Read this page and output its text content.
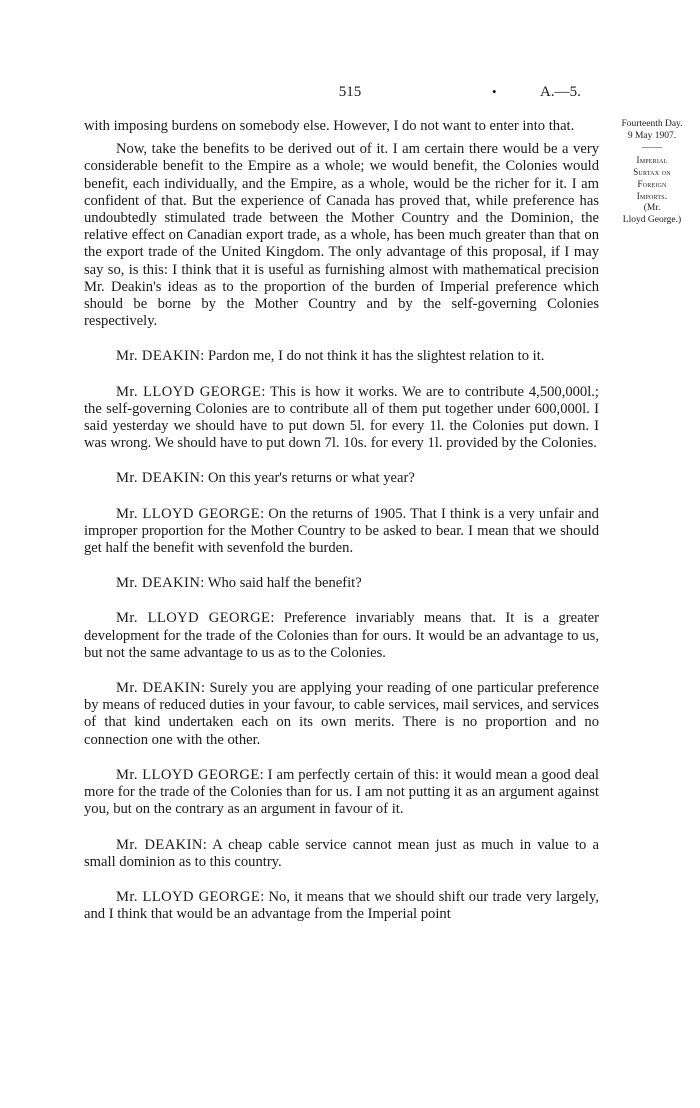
515	•	A.—5.
Fourteenth Day.
9 May 1907.
Imperial
Surtax on
Foreign
Imports.
(Mr.
Lloyd George.)

with imposing burdens on somebody else. However, I do not want to enter into that.

Now, take the benefits to be derived out of it. I am certain there would be a very considerable benefit to the Empire as a whole; we would benefit, the Colonies would benefit, each individually, and the Empire, as a whole, would be the richer for it. I am confident of that. But the experience of Canada has proved that, while preference has undoubtedly stimulated trade between the Mother Country and the Dominion, the relative effect on Canadian export trade, as a whole, has been much greater than that on the export trade of the United Kingdom. The only advantage of this proposal, if I may say so, is this: I think that it is useful as furnishing almost with mathematical precision Mr. Deakin's ideas as to the proportion of the burden of Imperial preference which should be borne by the Mother Country and by the self-governing Colonies respectively.

Mr. DEAKIN: Pardon me, I do not think it has the slightest relation to it.

Mr. LLOYD GEORGE: This is how it works. We are to contribute 4,500,000l.; the self-governing Colonies are to contribute all of them put together under 600,000l. I said yesterday we should have to put down 5l. for every 1l. the Colonies put down. I was wrong. We should have to put down 7l. 10s. for every 1l. provided by the Colonies.

Mr. DEAKIN: On this year's returns or what year?

Mr. LLOYD GEORGE: On the returns of 1905. That I think is a very unfair and improper proportion for the Mother Country to be asked to bear. I mean that we should get half the benefit with sevenfold the burden.

Mr. DEAKIN: Who said half the benefit?

Mr. LLOYD GEORGE: Preference invariably means that. It is a greater development for the trade of the Colonies than for ours. It would be an advantage to us, but not the same advantage to us as to the Colonies.

Mr. DEAKIN: Surely you are applying your reading of one particular preference by means of reduced duties in your favour, to cable services, mail services, and services of that kind undertaken each on its own merits. There is no proportion and no connection one with the other.

Mr. LLOYD GEORGE: I am perfectly certain of this: it would mean a good deal more for the trade of the Colonies than for us. I am not putting it as an argument against you, but on the contrary as an argument in favour of it.

Mr. DEAKIN: A cheap cable service cannot mean just as much in value to a small dominion as to this country.

Mr. LLOYD GEORGE: No, it means that we should shift our trade very largely, and I think that would be an advantage from the Imperial point
